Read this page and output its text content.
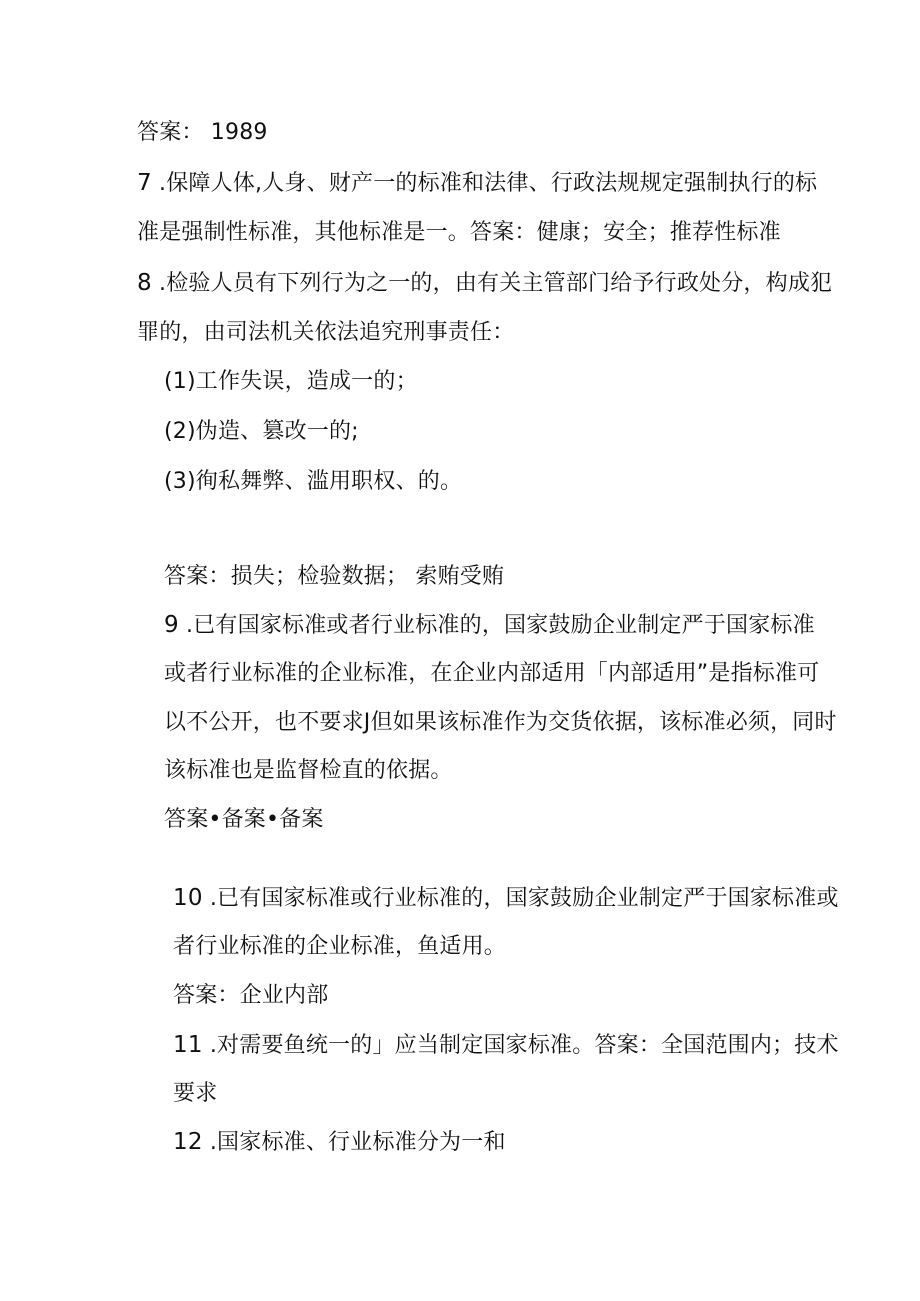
答案： 1989
7 .保障人体,人身、财产一的标准和法律、行政法规规定强制执行的标
准是强制性标准，其他标准是一。答案：健康；安全；推荐性标准
8 .检验人员有下列行为之一的，由有关主管部门给予行政处分，构成犯
罪的，由司法机关依法追究刑事责任：
(1)工作失误，造成一的；
(2)伪造、篡改一的;
(3)徇私舞弊、滥用职权、的。
答案：损失；检验数据； 索贿受贿
9 .已有国家标准或者行业标准的，国家鼓励企业制定严于国家标准
或者行业标准的企业标准，在企业内部适用「内部适用”是指标准可
以不公开，也不要求J但如果该标准作为交货依据，该标准必须，同时
该标准也是监督检直的依据。
答案•备案•备案
10 .已有国家标准或行业标准的，国家鼓励企业制定严于国家标准或
者行业标准的企业标准，鱼适用。
答案：企业内部
11 .对需要鱼统一的」应当制定国家标准。答案：全国范围内；技术
要求
12 .国家标准、行业标准分为一和
